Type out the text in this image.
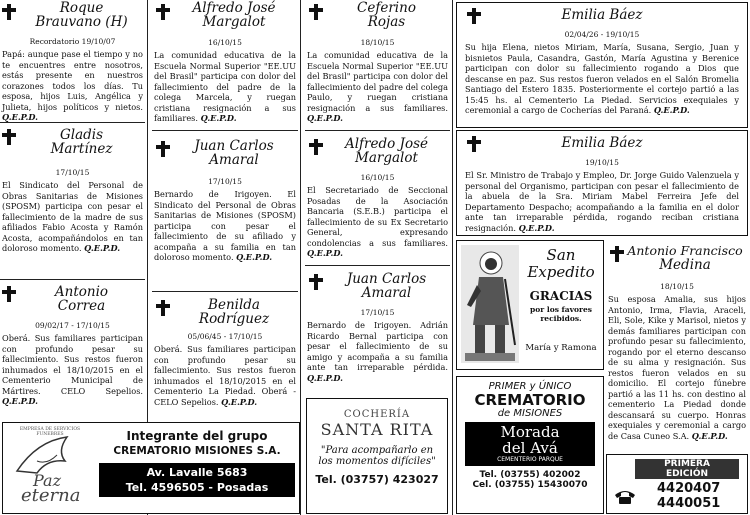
Roque
Brauvano (H)
Recordatorio 19/10/07
Papá: aunque pase el tiempo y no te encuentres entre nosotros, estás presente en nuestros corazones todos los días. Tu esposa, hijos Luis, Angélica y Julieta, hijos políticos y nietos. Q.E.P.D.
Gladis
Martínez
17/10/15
El Sindicato del Personal de Obras Sanitarias de Misiones (SPOSM) participa con pesar el fallecimiento de la madre de sus afiliados Fabio Acosta y Ramón Acosta, acompañándolos en tan doloroso momento. Q.E.P.D.
Antonio
Correa
09/02/17 - 17/10/15
Oberá. Sus familiares participan con profundo pesar su fallecimiento. Sus restos fueron inhumados el 18/10/2015 en el Cementerio Municipal de Mártires. CELO Sepelios. Q.E.P.D.
Alfredo José
Margalot
16/10/15
La comunidad educativa de la Escuela Normal Superior "EE.UU del Brasil" participa con dolor del fallecimiento del padre de la colega Marcela, y ruegan cristiana resignación a sus familiares. Q.E.P.D.
Juan Carlos
Amaral
17/10/15
Bernardo de Irigoyen. El Sindicato del Personal de Obras Sanitarias de Misiones (SPOSM) participa con pesar el fallecimiento de su afiliado y acompaña a su familia en tan doloroso momento. Q.E.P.D.
Benilda
Rodríguez
05/06/45 - 17/10/15
Oberá. Sus familiares participan con profundo pesar su fallecimiento. Sus restos fueron inhumados el 18/10/2015 en el Cementerio La Piedad. Oberá - CELO Sepelios. Q.E.P.D.
Ceferino
Rojas
18/10/15
La comunidad educativa de la Escuela Normal Superior "EE.UU del Brasil" participa con dolor del fallecimiento del padre del colega Paulo, y ruegan cristiana resignación a sus familiares. Q.E.P.D.
Alfredo José
Margalot
16/10/15
El Secretariado de Seccional Posadas de la Asociación Bancaria (S.E.B.) participa el fallecimiento de su Ex Secretario General, expresando condolencias a sus familiares. Q.E.P.D.
Juan Carlos
Amaral
17/10/15
Bernardo de Irigoyen. Adrián Ricardo Bernal participa con pesar el fallecimiento de su amigo y acompaña a su familia ante tan irreparable pérdida. Q.E.P.D.
Emilia Báez
02/04/26 - 19/10/15
Su hija Elena, nietos Miriam, María, Susana, Sergio, Juan y bisnietos Paula, Casandra, Gastón, María Agustina y Berenice participan con dolor su fallecimiento rogando a Dios que descanse en paz. Sus restos fueron velados en el Salón Bromelia Santiago del Estero 1835. Posteriormente el cortejo partió a las 15:45 hs. al Cementerio La Piedad. Servicios exequiales y ceremonial a cargo de Cocherías del Paraná. Q.E.P.D.
Emilia Báez
19/10/15
El Sr. Ministro de Trabajo y Empleo, Dr. Jorge Guido Valenzuela y personal del Organismo, participan con pesar el fallecimiento de la abuela de la Sra. Miriam Mabel Ferreira Jefe del Departamento Despacho; acompañando a la familia en el dolor ante tan irreparable pérdida, rogando reciban cristiana resignación. Q.E.P.D.
San
Expedito
GRACIAS
por los favores recibidos.
María y Ramona
Antonio Francisco
Medina
18/10/15
Su esposa Amalia, sus hijos Antonio, Irma, Flavia, Araceli, Eli, Sole, Kike y Marisol, nietos y demás familiares participan con profundo pesar su fallecimiento, rogando por el eterno descanso de su alma y resignación. Sus restos fueron velados en su domicilio. El cortejo fúnebre partió a las 11 hs. con destino al cementerio La Piedad donde descansará su cuerpo. Honras exequiales y ceremonial a cargo de Casa Cuneo S.A. Q.E.P.D.
PRIMER y ÚNICO
CREMATORIO
de MISIONES
Morada
del Avá
CEMENTERIO PARQUE
Tel. (03755) 402002
Cel. (03755) 15430070
COCHERÍA
SANTA RITA
"Para acompañarlo en los momentos difíciles"
Tel. (03757) 423027
EMPRESA DE SERVICIOS FUNEBRES
Paz
eterna
Integrante del grupo
CREMATORIO MISIONES S.A.
Av. Lavalle 5683
Tel. 4596505 - Posadas
PRIMERA
EDICIÓN
4420407
4440051
